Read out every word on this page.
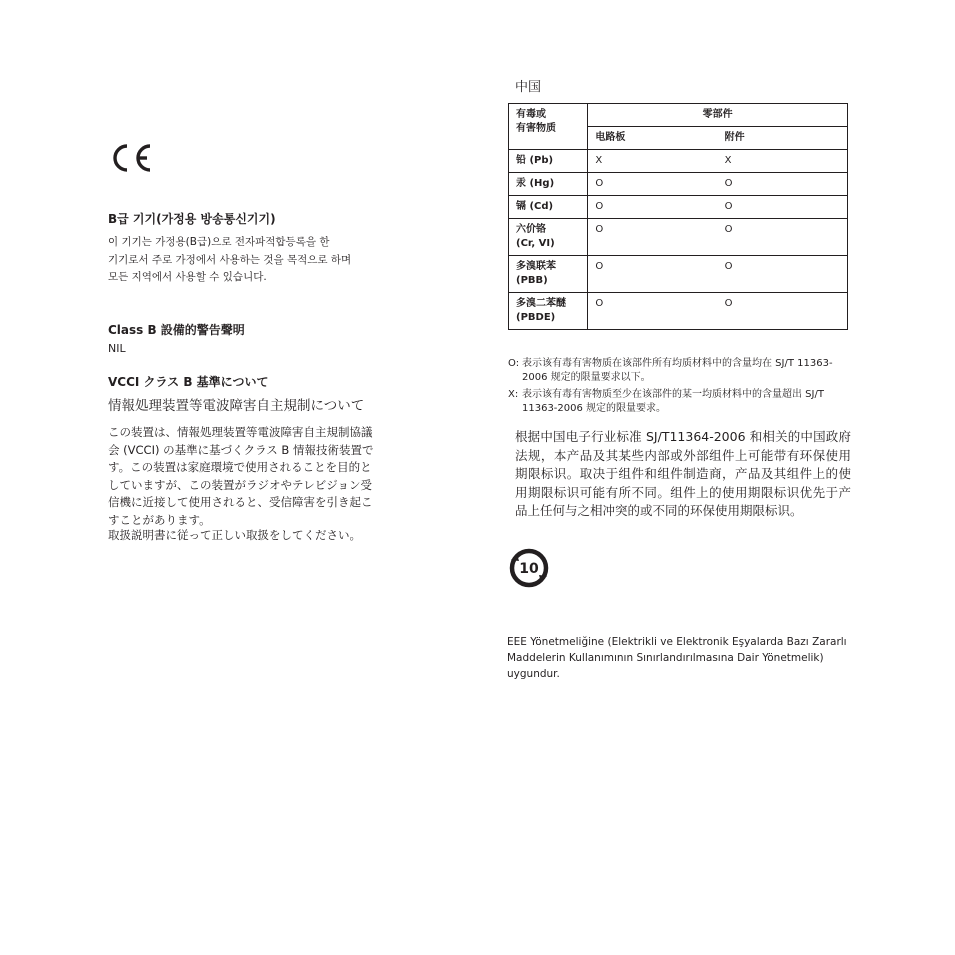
B급 기기(가정용 방송통신기기)
이 기기는 가정용(B급)으로 전자파적합등록을 한
기기로서 주로 가정에서 사용하는 것을 목적으로 하며
모든 지역에서 사용할 수 있습니다.
Class B 設備的警告聲明
NIL
VCCI クラス B 基準について
情報処理装置等電波障害自主規制について
この装置は、情報処理装置等電波障害自主規制協議
会 (VCCI) の基準に基づくクラス B 情報技術装置で
す。この装置は家庭環境で使用されることを目的と
していますが、この装置がラジオやテレビジョン受
信機に近接して使用されると、受信障害を引き起こ
すことがあります。
取扱説明書に従って正しい取扱をしてください。
中国
有毒或
有害物质	零部件	
	电路板	附件

铅 (Pb)	X	X

汞 (Hg)	O	O

镉 (Cd)	O	O

六价铬
(Cr, VI)	O	O

多溴联苯
(PBB)	O	O

多溴二苯醚
(PBDE)	O	O
O: 表示该有毒有害物质在该部件所有均质材料中的含量均在 SJ/T 11363-2006 规定的限量要求以下。
X: 表示该有毒有害物质至少在该部件的某一均质材料中的含量超出 SJ/T 11363-2006 规定的限量要求。
根据中国电子行业标准 SJ/T11364-2006 和相关的中国政府法规，本产品及其某些内部或外部组件上可能带有环保使用期限标识。取决于组件和组件制造商，产品及其组件上的使用期限标识可能有所不同。组件上的使用期限标识优先于产品上任何与之相冲突的或不同的环保使用期限标识。
10
EEE Yönetmeliğine (Elektrikli ve Elektronik Eşyalarda Bazı Zararlı Maddelerin Kullanımının Sınırlandırılmasına Dair Yönetmelik) uygundur.
